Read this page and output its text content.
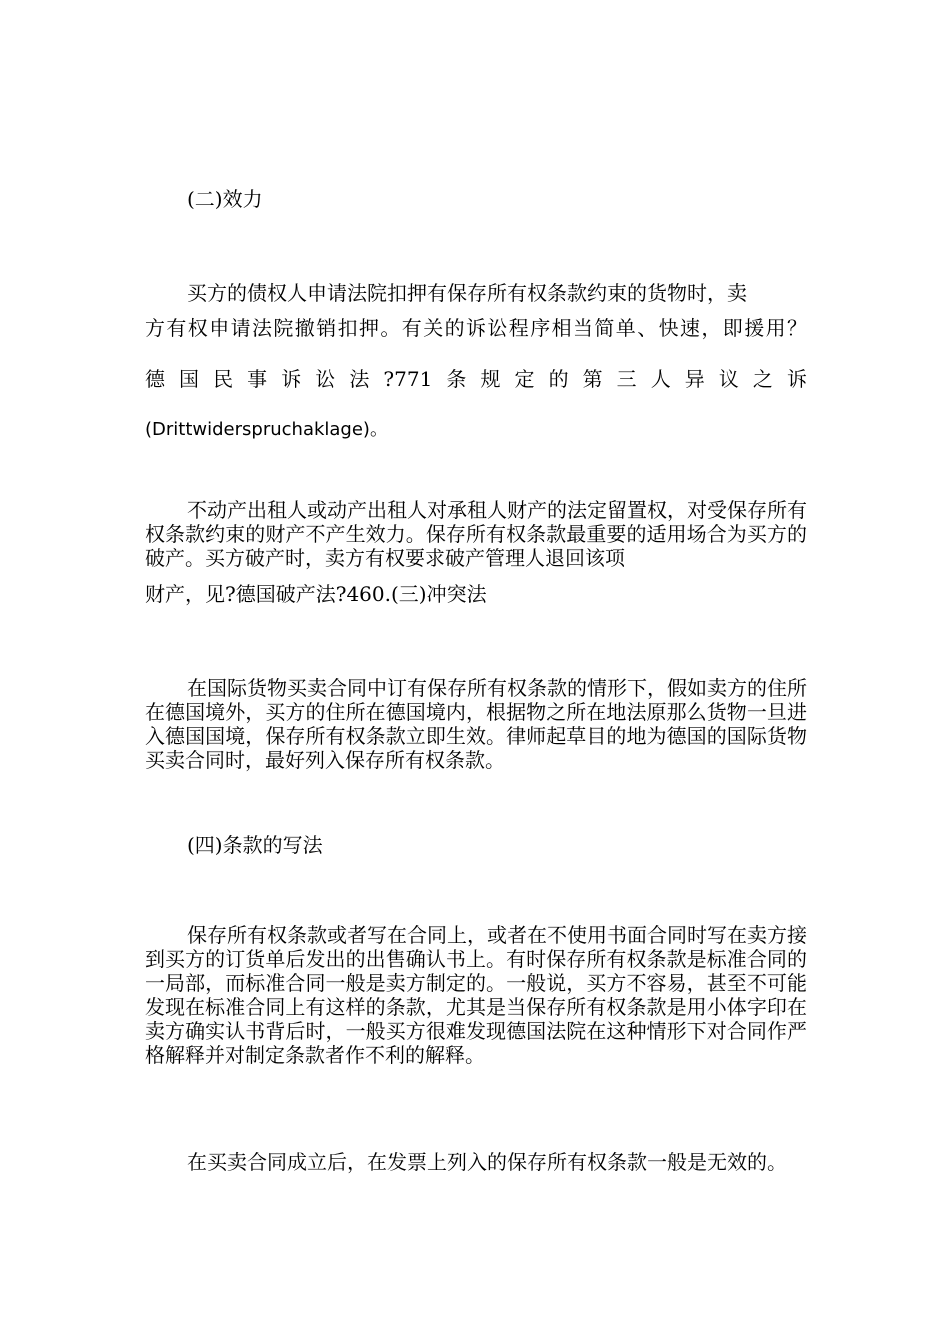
(二)效力

买方的债权人申请法院扣押有保存所有权条款约束的货物时，卖
方有权申请法院撤销扣押。有关的诉讼程序相当简单、快速，即援用？
德国民事诉讼法?771条规定的第三人异议之诉
(Drittwiderspruchaklage)。
不动产出租人或动产出租人对承租人财产的法定留置权，对受保存所有权条款约束的财产不产生效力。保存所有权条款最重要的适用场合为买方的破产。买方破产时，卖方有权要求破产管理人退回该项
财产，见?德国破产法?460.(三)冲突法

在国际货物买卖合同中订有保存所有权条款的情形下，假如卖方的住所在德国境外，买方的住所在德国境内，根据物之所在地法原那么货物一旦进入德国国境，保存所有权条款立即生效。律师起草目的地为德国的国际货物买卖合同时，最好列入保存所有权条款。

(四)条款的写法

保存所有权条款或者写在合同上，或者在不使用书面合同时写在卖方接到买方的订货单后发出的出售确认书上。有时保存所有权条款是标准合同的一局部，而标准合同一般是卖方制定的。一般说，买方不容易，甚至不可能发现在标准合同上有这样的条款，尤其是当保存所有权条款是用小体字印在卖方确实认书背后时，一般买方很难发现德国法院在这种情形下对合同作严格解释并对制定条款者作不利的解释。

在买卖合同成立后，在发票上列入的保存所有权条款一般是无效的。
